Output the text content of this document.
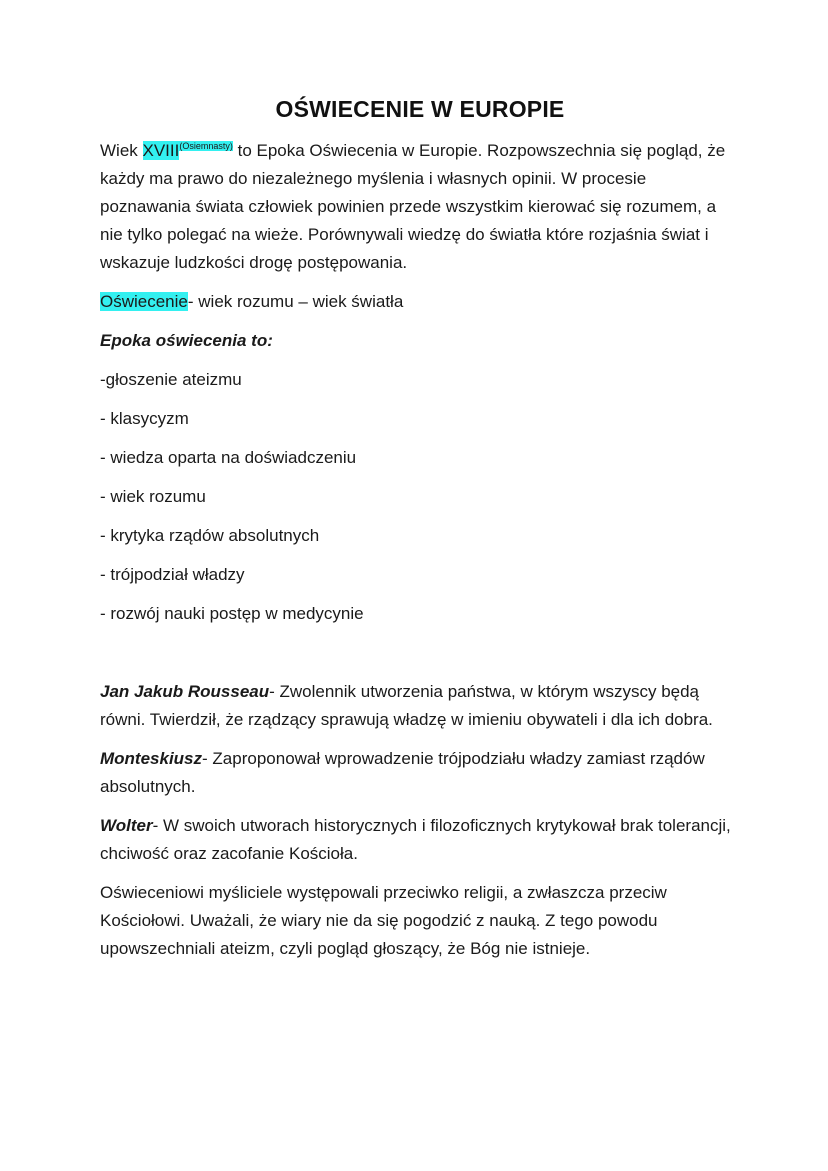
OŚWIECENIE W EUROPIE

Wiek $XVIII^{(Osiemnasty)}$ to Epoka Oświecenia w Europie. Rozpowszechnia się pogląd, że każdy ma prawo do niezależnego myślenia i własnych opinii. W procesie poznawania świata człowiek powinien przede wszystkim kierować się rozumem, a nie tylko polegać na wieże. Porównywali wiedzę do światła które rozjaśnia świat i wskazuje ludzkości drogę postępowania.

Oświecenie- wiek rozumu – wiek światła

Epoka oświecenia to:

-głoszenie ateizmu
- klasycyzm
- wiedza oparta na doświadczeniu
- wiek rozumu
- krytyka rządów absolutnych
- trójpodział władzy
- rozwój nauki postęp w medycynie

Jan Jakub Rousseau- Zwolennik utworzenia państwa, w którym wszyscy będą równi. Twierdził, że rządzący sprawują władzę w imieniu obywateli i dla ich dobra.

Monteskiusz- Zaproponował wprowadzenie trójpodziału władzy zamiast rządów absolutnych.

Wolter- W swoich utworach historycznych i filozoficznych krytykował brak tolerancji, chciwość oraz zacofanie Kościoła.

Oświeceniowi myśliciele występowali przeciwko religii, a zwłaszcza przeciw Kościołowi. Uważali, że wiary nie da się pogodzić z nauką. Z tego powodu upowszechniali ateizm, czyli pogląd głoszący, że Bóg nie istnieje.
